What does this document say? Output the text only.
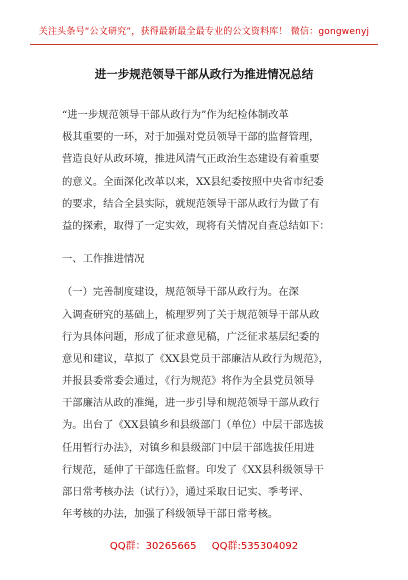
关注头条号“公文研究”，获得最新最全最专业的公文资料库！ 微信：gongwenyj
进一步规范领导干部从政行为推进情况总结
“进一步规范领导干部从政行为”作为纪检体制改革
极其重要的一环，对于加强对党员领导干部的监督管理，
营造良好从政环境，推进风清气正政治生态建设有着重要
的意义。全面深化改革以来，XX县纪委按照中央省市纪委
的要求，结合全县实际，就规范领导干部从政行为做了有
益的探索，取得了一定实效，现将有关情况自查总结如下：
一、工作推进情况
（一）完善制度建设，规范领导干部从政行为。在深
入调查研究的基础上，梳理罗列了关于规范领导干部从政
行为具体问题，形成了征求意见稿，广泛征求基层纪委的
意见和建议，草拟了《XX县党员干部廉洁从政行为规范》，
并报县委常委会通过，《行为规范》将作为全县党员领导
干部廉洁从政的准绳，进一步引导和规范领导干部从政行
为。出台了《XX县镇乡和县级部门（单位）中层干部选拔
任用暂行办法》，对镇乡和县级部门中层干部选拔任用进
行规范，延伸了干部选任监督。印发了《XX县科级领导干
部日常考核办法（试行）》，通过采取日记实、季考评、
年考核的办法，加强了科级领导干部日常考核。
QQ群：30265665 QQ群:535304092
